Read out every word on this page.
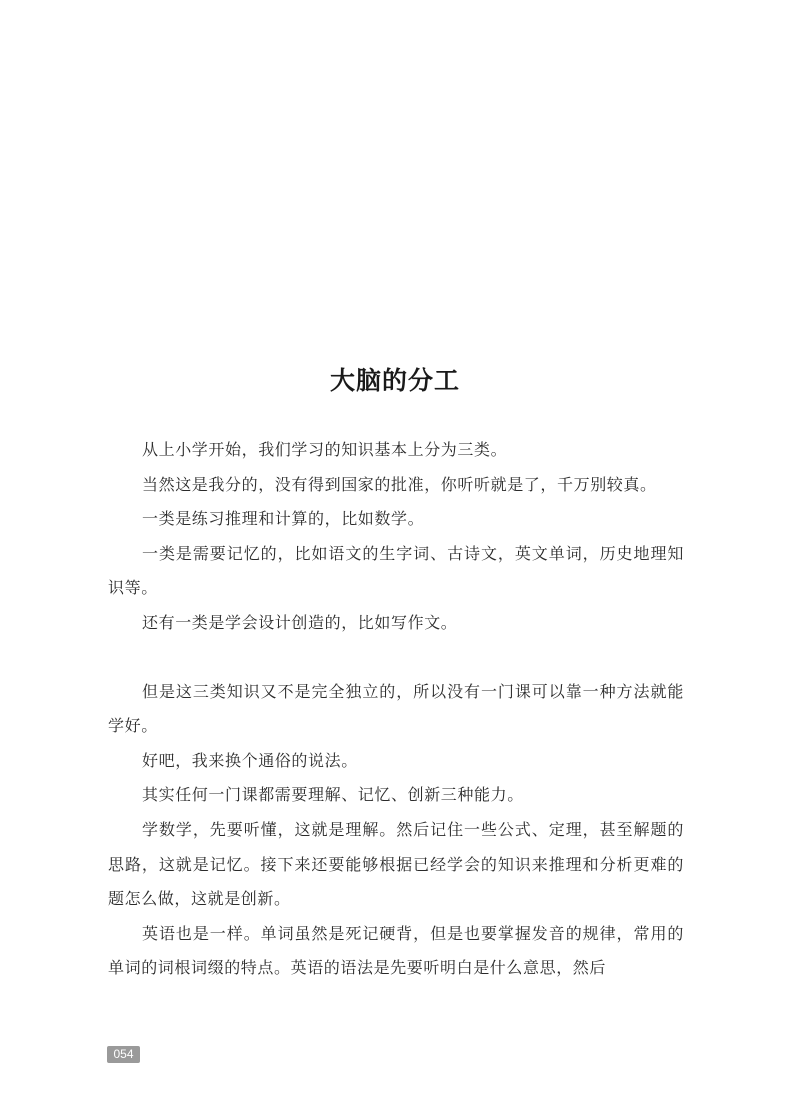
大脑的分工

从上小学开始，我们学习的知识基本上分为三类。

当然这是我分的，没有得到国家的批准，你听听就是了，千万别较真。

一类是练习推理和计算的，比如数学。

一类是需要记忆的，比如语文的生字词、古诗文，英文单词，历史地理知识等。

还有一类是学会设计创造的，比如写作文。

但是这三类知识又不是完全独立的，所以没有一门课可以靠一种方法就能学好。

好吧，我来换个通俗的说法。

其实任何一门课都需要理解、记忆、创新三种能力。

学数学，先要听懂，这就是理解。然后记住一些公式、定理，甚至解题的思路，这就是记忆。接下来还要能够根据已经学会的知识来推理和分析更难的题怎么做，这就是创新。

英语也是一样。单词虽然是死记硬背，但是也要掌握发音的规律，常用的单词的词根词缀的特点。英语的语法是先要听明白是什么意思，然后

054
